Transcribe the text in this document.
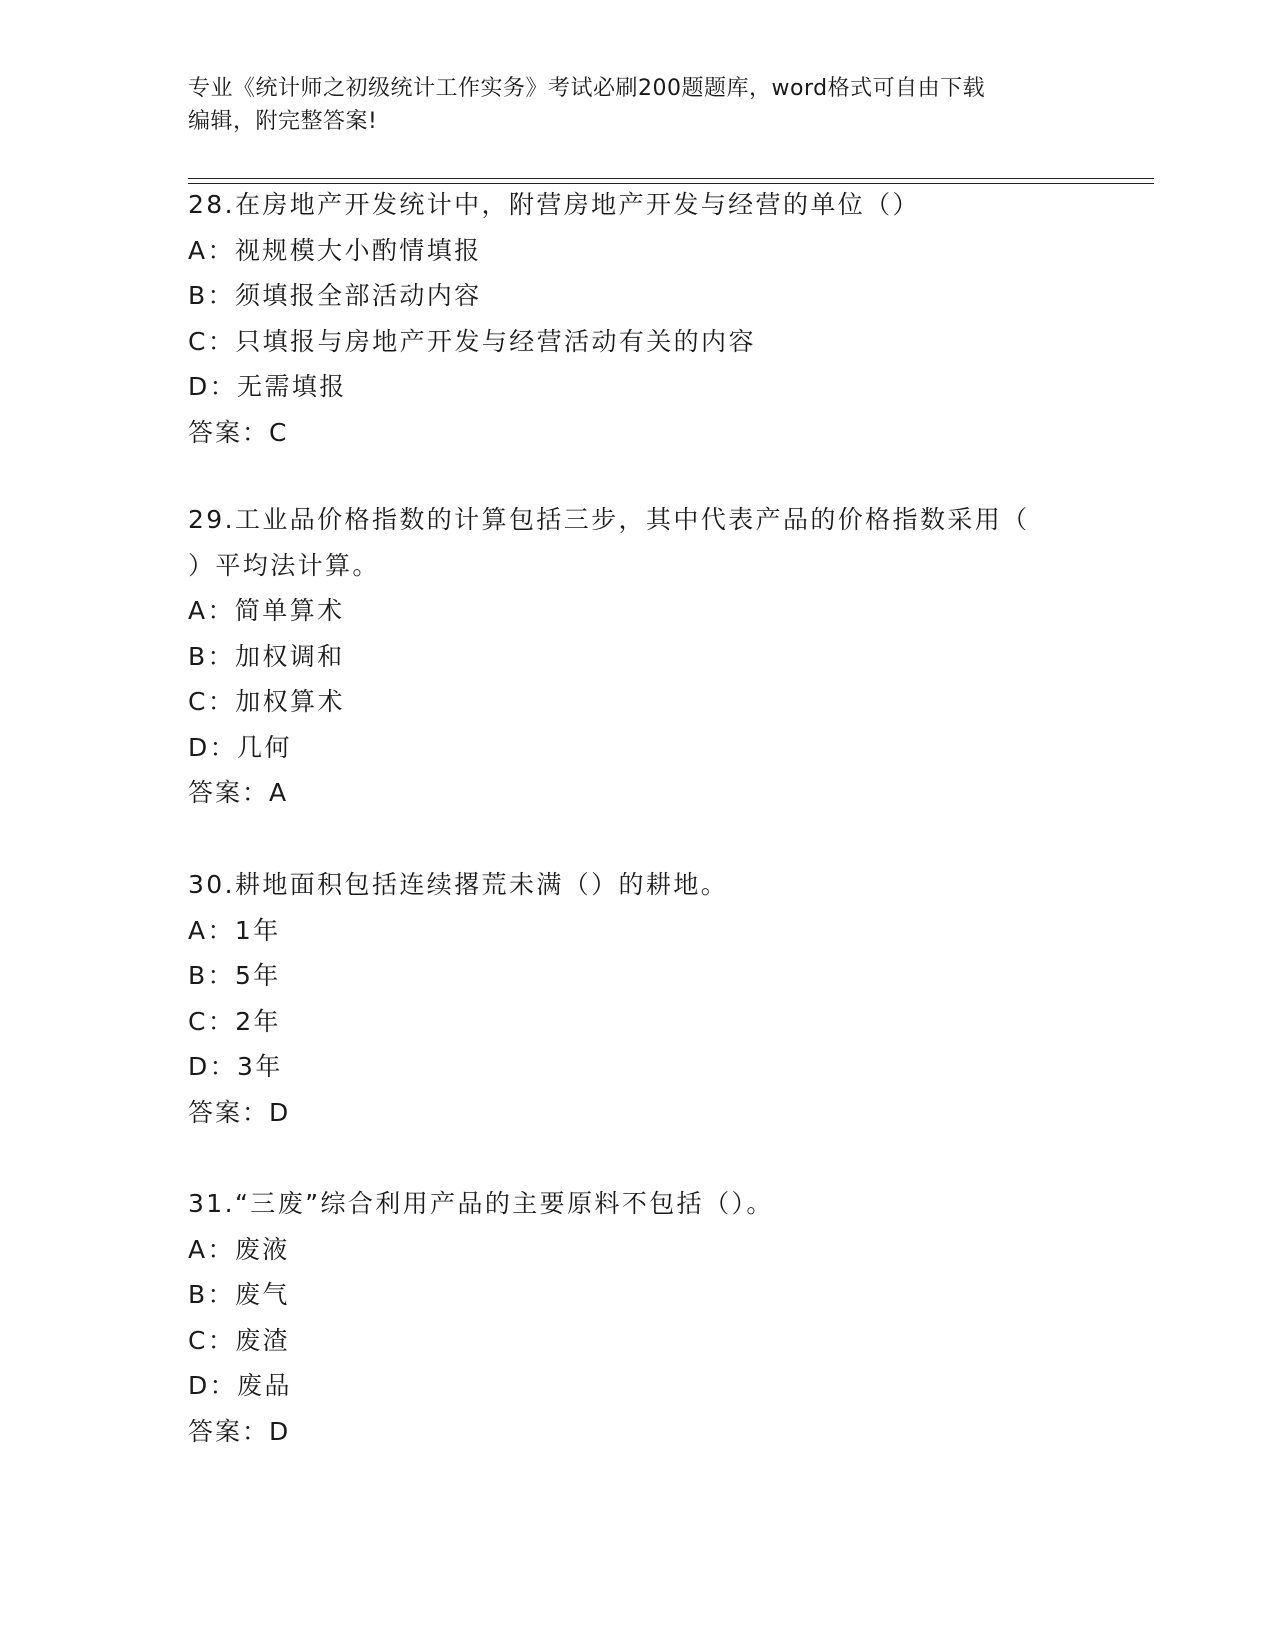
专业《统计师之初级统计工作实务》考试必刷200题题库，word格式可自由下载
编辑，附完整答案!
28.在房地产开发统计中，附营房地产开发与经营的单位（）
A：视规模大小酌情填报
B：须填报全部活动内容
C：只填报与房地产开发与经营活动有关的内容
D：无需填报
答案：C
29.工业品价格指数的计算包括三步，其中代表产品的价格指数采用（
）平均法计算。
A：简单算术
B：加权调和
C：加权算术
D：几何
答案：A
30.耕地面积包括连续撂荒未满（）的耕地。
A：1年
B：5年
C：2年
D：3年
答案：D
31.“三废”综合利用产品的主要原料不包括（）。
A：废液
B：废气
C：废渣
D：废品
答案：D
